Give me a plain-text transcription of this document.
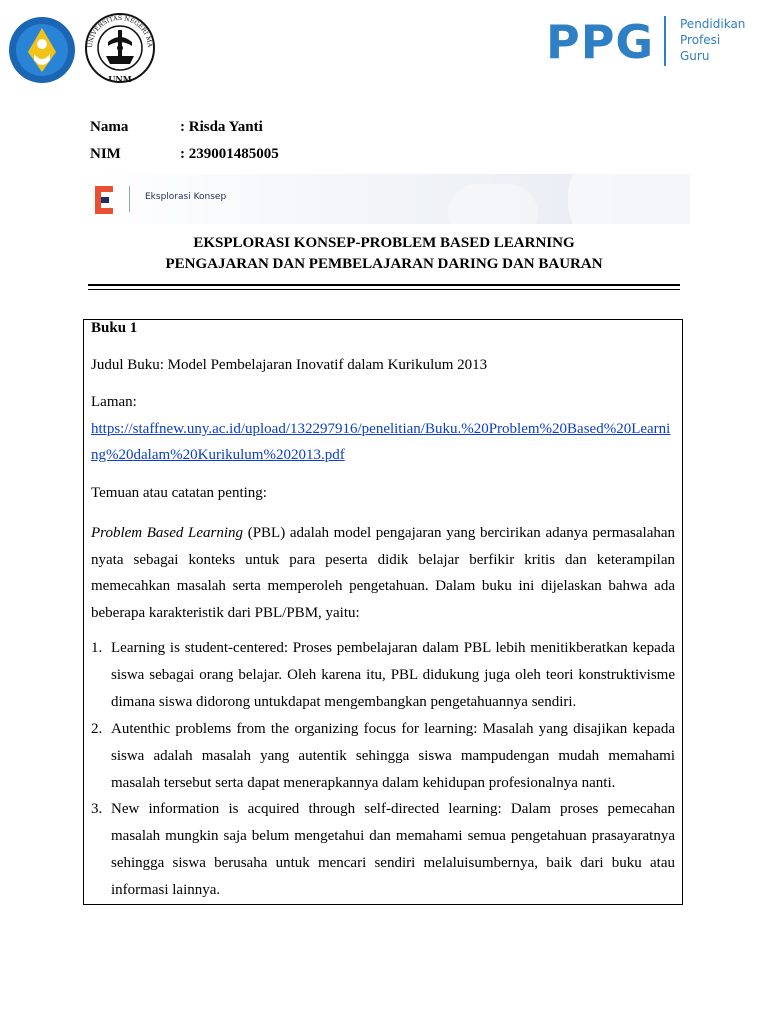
UNIVERSITAS NEGERI MA
UNM
PPG Pendidikan
Profesi
Guru
Nama	: Risda Yanti
NIM	: 239001485005
Eksplorasi Konsep
EKSPLORASI KONSEP-PROBLEM BASED LEARNING
PENGAJARAN DAN PEMBELAJARAN DARING DAN BAURAN
Buku 1
Judul Buku: Model Pembelajaran Inovatif dalam Kurikulum 2013
Laman:
https://staffnew.uny.ac.id/upload/132297916/penelitian/Buku.%20Problem%20Based%20Learni
ng%20dalam%20Kurikulum%202013.pdf
Temuan atau catatan penting:
Problem Based Learning (PBL) adalah model pengajaran yang bercirikan adanya permasalahan
nyata sebagai konteks untuk para peserta didik belajar berfikir kritis dan keterampilan
memecahkan masalah serta memperoleh pengetahuan. Dalam buku ini dijelaskan bahwa ada
beberapa karakteristik dari PBL/PBM, yaitu:
1. Learning is student-centered: Proses pembelajaran dalam PBL lebih menitikberatkan kepada
siswa sebagai orang belajar. Oleh karena itu, PBL didukung juga oleh teori konstruktivisme
dimana siswa didorong untukdapat mengembangkan pengetahuannya sendiri.
2. Autenthic problems from the organizing focus for learning: Masalah yang disajikan kepada
siswa adalah masalah yang autentik sehingga siswa mampudengan mudah memahami
masalah tersebut serta dapat menerapkannya dalam kehidupan profesionalnya nanti.
3. New information is acquired through self-directed learning: Dalam proses pemecahan
masalah mungkin saja belum mengetahui dan memahami semua pengetahuan prasayaratnya
sehingga siswa berusaha untuk mencari sendiri melaluisumbernya, baik dari buku atau
informasi lainnya.
